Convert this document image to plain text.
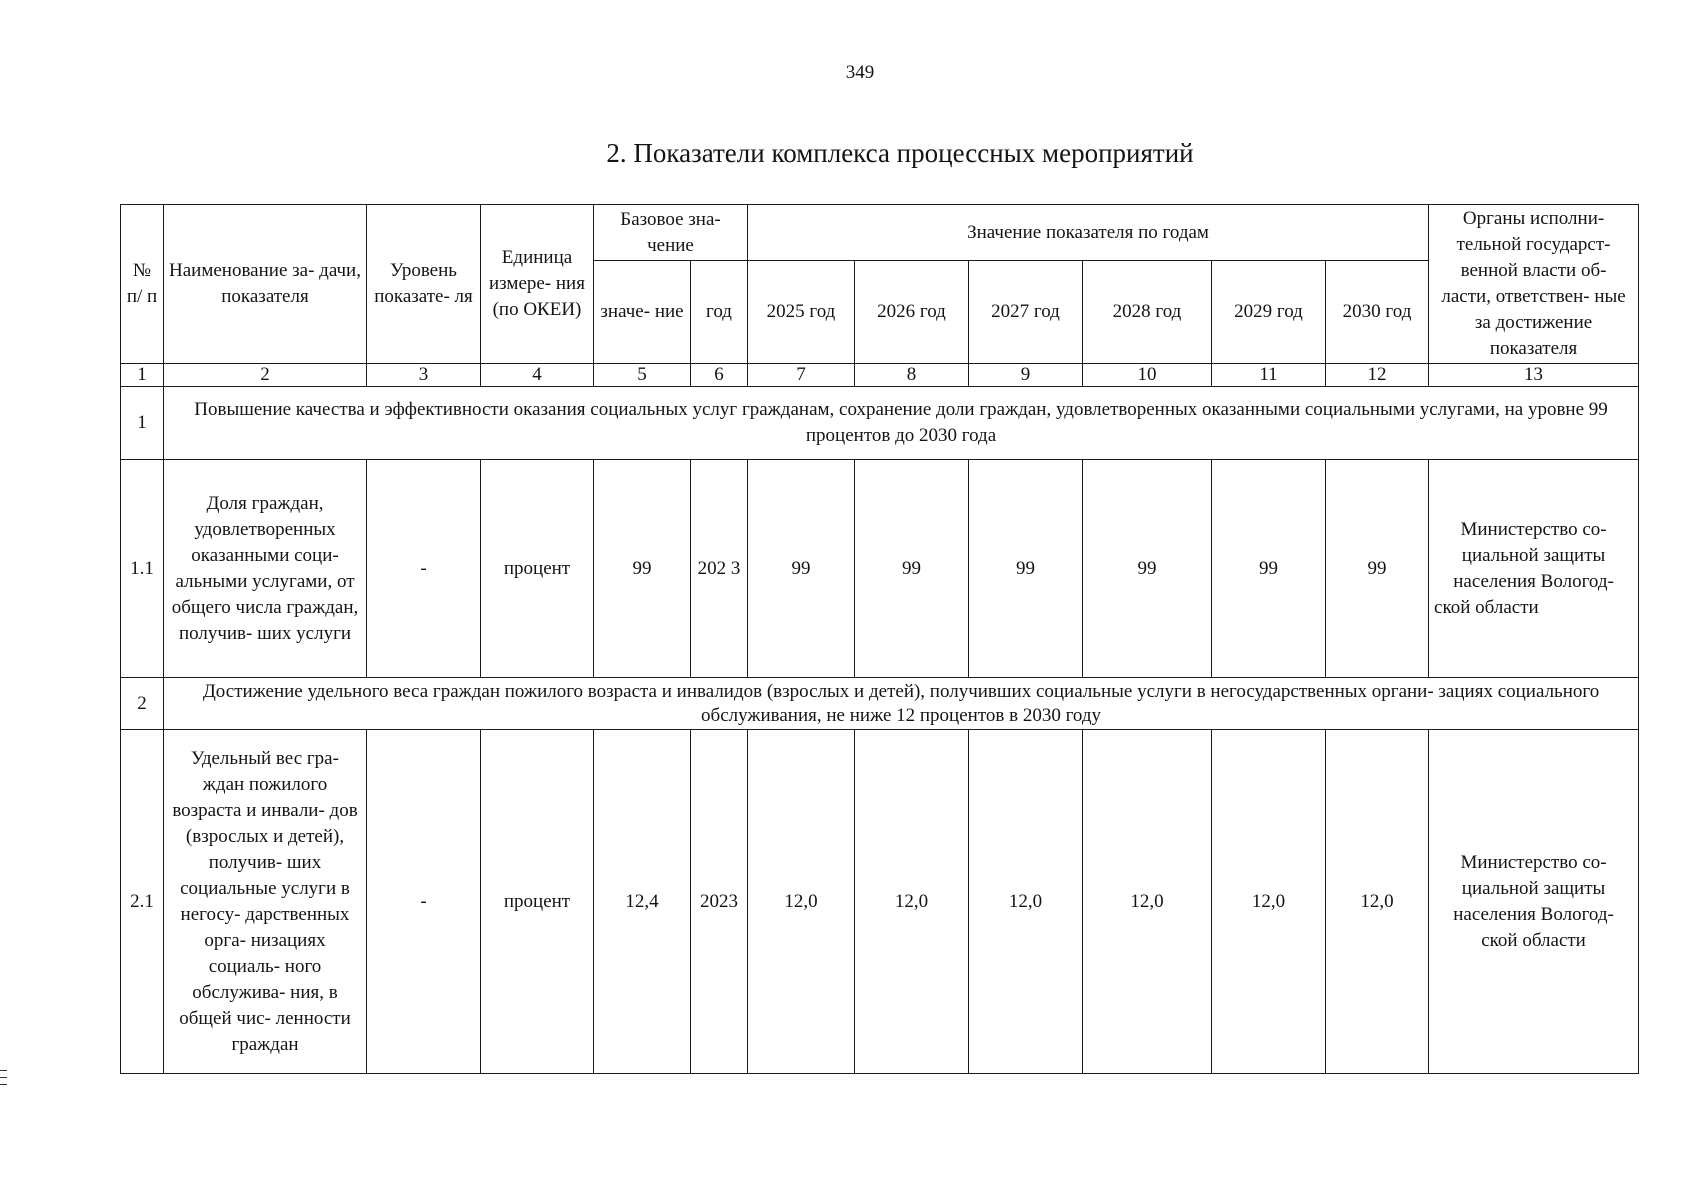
349
2. Показатели комплекса процессных мероприятий
№ п/ п	Наименование за- дачи, показателя	Уровень показате- ля	Единица измере- ния (по ОКЕИ)	Базовое зна- чение		Значение показателя по годам						Органы исполни- тельной государст- венной власти об- ласти, ответствен- ные за достижение показателя
				значе- ние	год	2025 год	2026 год	2027 год	2028 год	2029 год	2030 год	
1	2	3	4	5	6	7	8	9	10	11	12	13
1	Повышение качества и эффективности оказания социальных услуг гражданам, сохранение доли граждан, удовлетворенных оказанными социальными услугами, на уровне 99 процентов до 2030 года											
1.1	Доля граждан, удовлетворенных оказанными соци- альными услугами, от общего числа граждан, получив- ших услуги	-	процент	99	202 3	99	99	99	99	99	99	Министерство со- циальной защиты населения Вологод- ской области
2	Достижение удельного веса граждан пожилого возраста и инвалидов (взрослых и детей), получивших социальные услуги в негосударственных органи- зациях социального обслуживания, не ниже 12 процентов в 2030 году											
2.1	Удельный вес гра- ждан пожилого возраста и инвали- дов (взрослых и детей), получив- ших социальные услуги в негосу- дарственных орга- низациях социаль- ного обслужива- ния, в общей чис- ленности граждан	-	процент	12,4	2023	12,0	12,0	12,0	12,0	12,0	12,0	Министерство со- циальной защиты населения Вологод- ской области
